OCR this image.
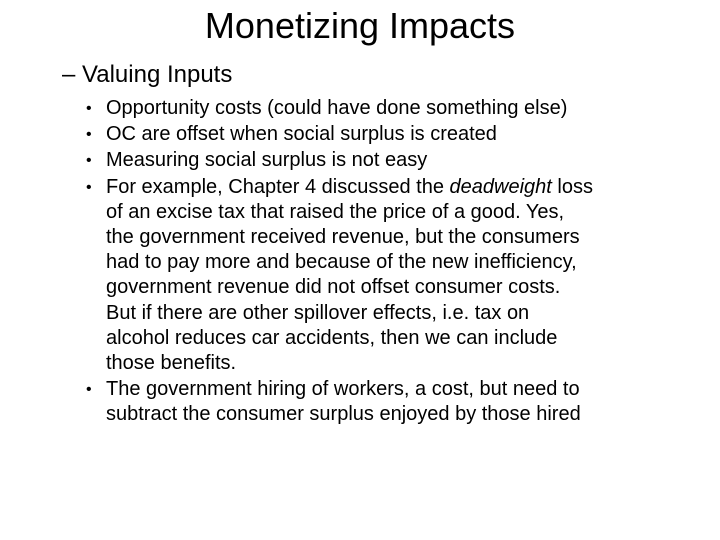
Monetizing Impacts
– Valuing Inputs
• Opportunity costs (could have done something else)
• OC are offset when social surplus is created
• Measuring social surplus is not easy
• For example, Chapter 4 discussed the deadweight loss
of an excise tax that raised the price of a good. Yes,
the government received revenue, but the consumers
had to pay more and because of the new inefficiency,
government revenue did not offset consumer costs.
But if there are other spillover effects, i.e. tax on
alcohol reduces car accidents, then we can include
those benefits.
• The government hiring of workers, a cost, but need to
subtract the consumer surplus enjoyed by those hired
